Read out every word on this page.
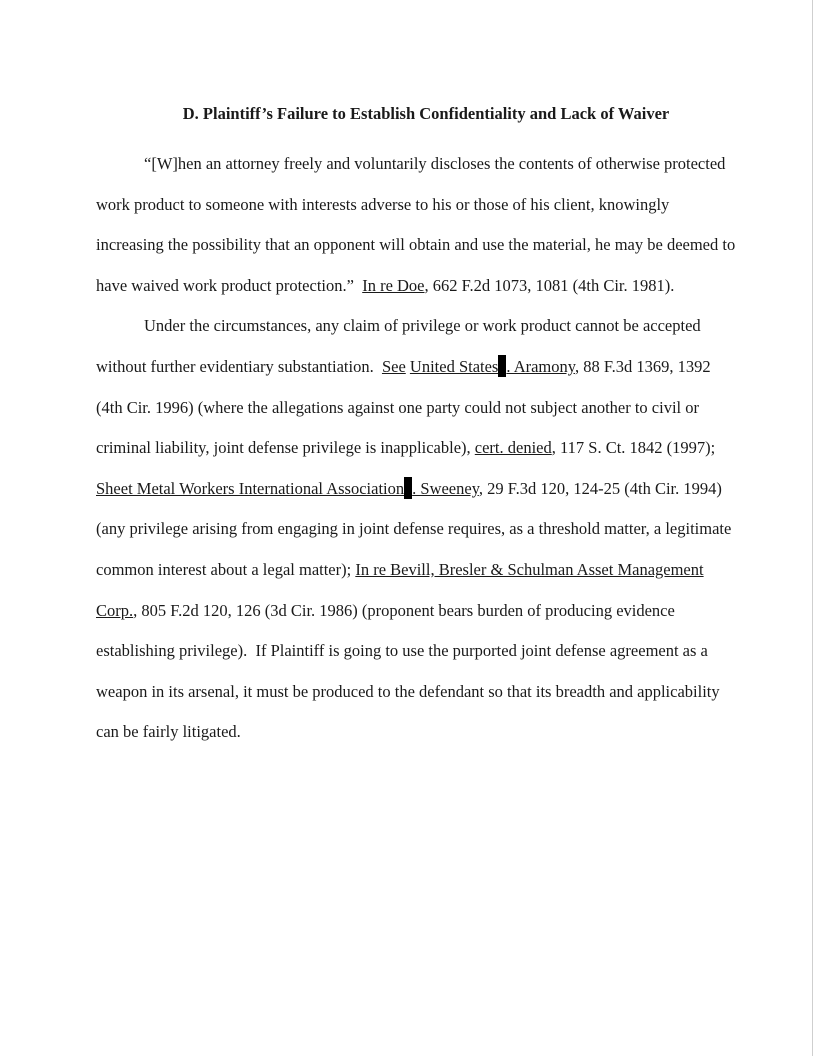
D. Plaintiff’s Failure to Establish Confidentiality and Lack of Waiver

“[W]hen an attorney freely and voluntarily discloses the contents of otherwise protected work product to someone with interests adverse to his or those of his client, knowingly increasing the possibility that an opponent will obtain and use the material, he may be deemed to have waived work product protection.” In re Doe, 662 F.2d 1073, 1081 (4th Cir. 1981).

Under the circumstances, any claim of privilege or work product cannot be accepted without further evidentiary substantiation. See United States . Aramony, 88 F.3d 1369, 1392 (4th Cir. 1996) (where the allegations against one party could not subject another to civil or criminal liability, joint defense privilege is inapplicable), cert. denied, 117 S. Ct. 1842 (1997); Sheet Metal Workers International Association . Sweeney, 29 F.3d 120, 124-25 (4th Cir. 1994) (any privilege arising from engaging in joint defense requires, as a threshold matter, a legitimate common interest about a legal matter); In re Bevill, Bresler & Schulman Asset Management Corp., 805 F.2d 120, 126 (3d Cir. 1986) (proponent bears burden of producing evidence establishing privilege). If Plaintiff is going to use the purported joint defense agreement as a weapon in its arsenal, it must be produced to the defendant so that its breadth and applicability can be fairly litigated.
